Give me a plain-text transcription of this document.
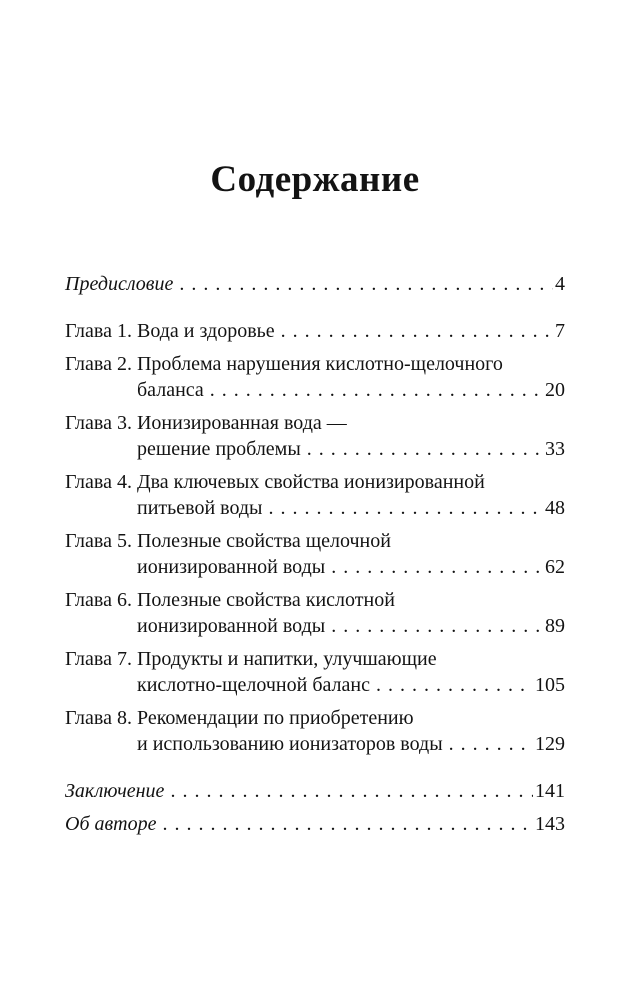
Содержание
Предисловие .....	4
Глава 1. Вода и здоровье .....	7
Глава 2. Проблема нарушения кислотно-щелочного
баланса .....	20
Глава 3. Ионизированная вода —
решение проблемы .....	33
Глава 4. Два ключевых свойства ионизированной
питьевой воды .....	48
Глава 5. Полезные свойства щелочной
ионизированной воды .....	62
Глава 6. Полезные свойства кислотной
ионизированной воды .....	89
Глава 7. Продукты и напитки, улучшающие
кислотно-щелочной баланс .....	105
Глава 8. Рекомендации по приобретению
и использованию ионизаторов воды .....	129
Заключение .....	141
Об авторе .....	143
